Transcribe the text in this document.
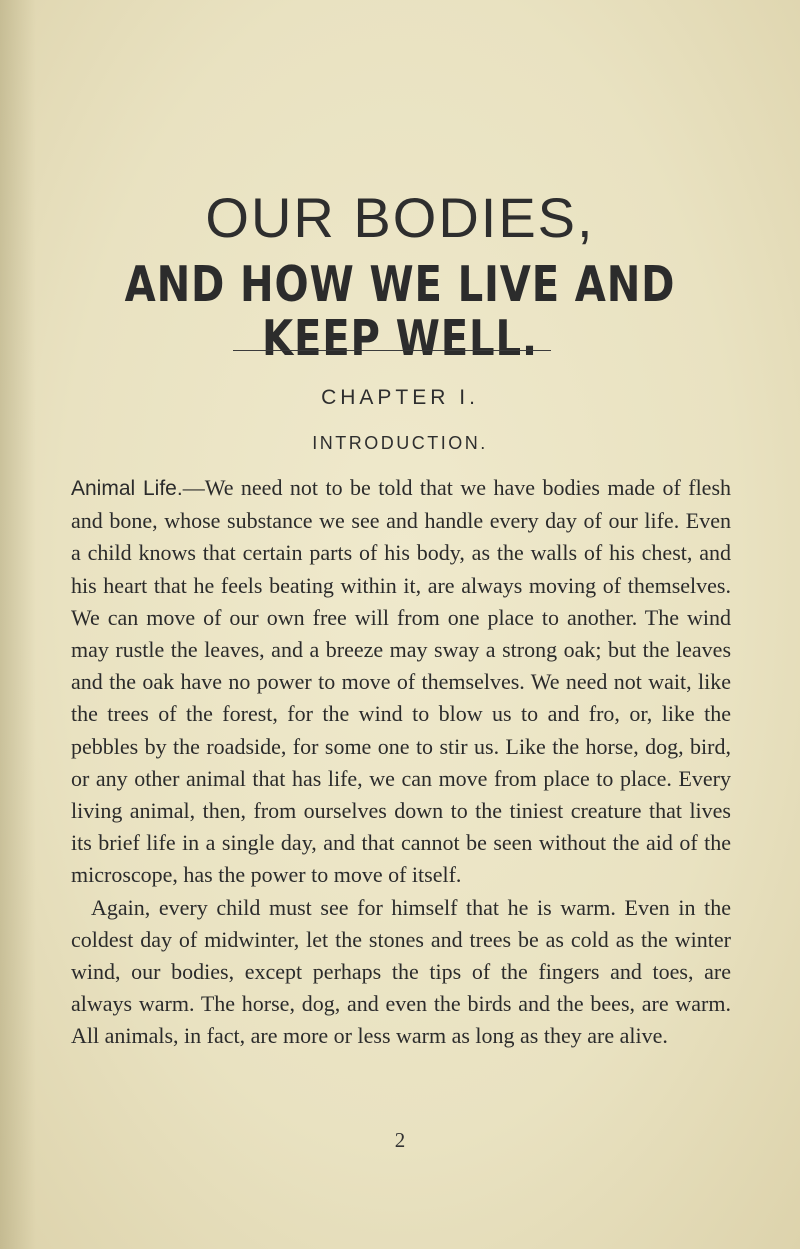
OUR BODIES,
AND HOW WE LIVE AND KEEP WELL.
CHAPTER I.
INTRODUCTION.

Animal Life.—We need not to be told that we have bodies made of flesh and bone, whose substance we see and handle every day of our life. Even a child knows that certain parts of his body, as the walls of his chest, and his heart that he feels beating within it, are always moving of themselves. We can move of our own free will from one place to another. The wind may rustle the leaves, and a breeze may sway a strong oak; but the leaves and the oak have no power to move of themselves. We need not wait, like the trees of the forest, for the wind to blow us to and fro, or, like the pebbles by the roadside, for some one to stir us. Like the horse, dog, bird, or any other animal that has life, we can move from place to place. Every living animal, then, from ourselves down to the tiniest creature that lives its brief life in a single day, and that cannot be seen without the aid of the microscope, has the power to move of itself.

Again, every child must see for himself that he is warm. Even in the coldest day of midwinter, let the stones and trees be as cold as the winter wind, our bodies, except perhaps the tips of the fingers and toes, are always warm. The horse, dog, and even the birds and the bees, are warm. All animals, in fact, are more or less warm as long as they are alive.

2
